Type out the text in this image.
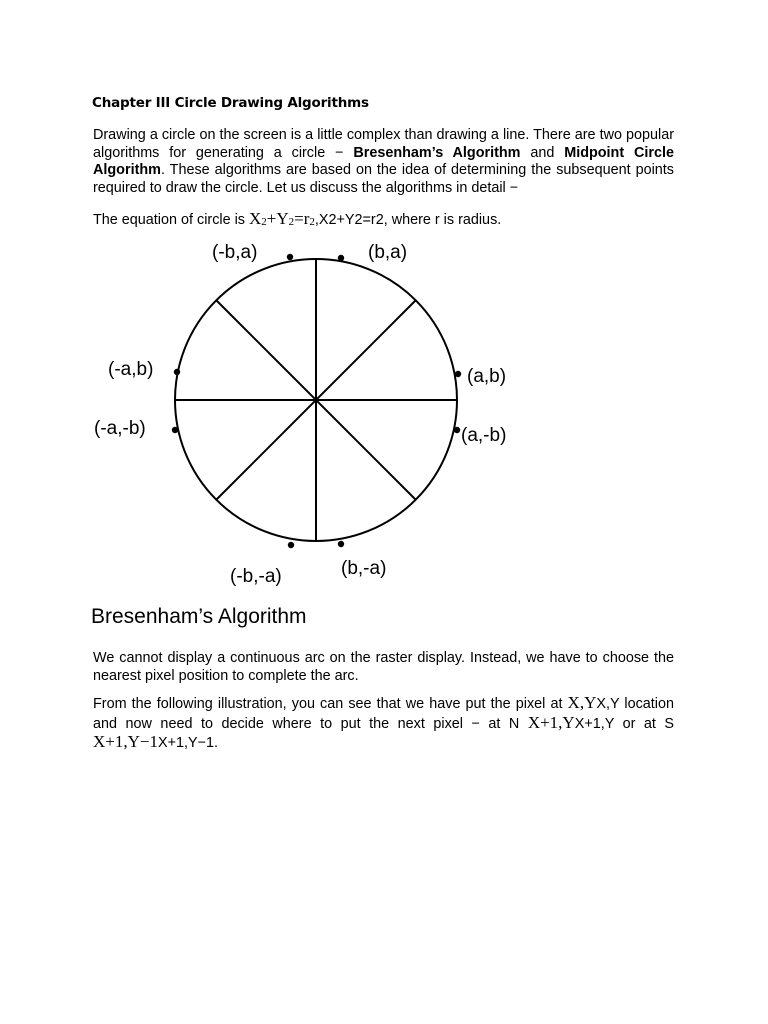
Chapter III Circle Drawing Algorithms

Drawing a circle on the screen is a little complex than drawing a line. There are two popular algorithms for generating a circle − Bresenham’s Algorithm and Midpoint Circle Algorithm. These algorithms are based on the idea of determining the subsequent points required to draw the circle. Let us discuss the algorithms in detail −

The equation of circle is $X_2+Y_2=r_2,X2+Y2=r2$, where r is radius.

(-b,a)	(b,a)
(-a,b)	(a,b)
(-a,-b)	(a,-b)
(-b,-a)	(b,-a)
Bresenham’s Algorithm

We cannot display a continuous arc on the raster display. Instead, we have to choose the nearest pixel position to complete the arc.

From the following illustration, you can see that we have put the pixel at X,YX,Y location and now need to decide where to put the next pixel − at N X+1,YX+1,Y or at S X+1,Y−1X+1,Y−1.
